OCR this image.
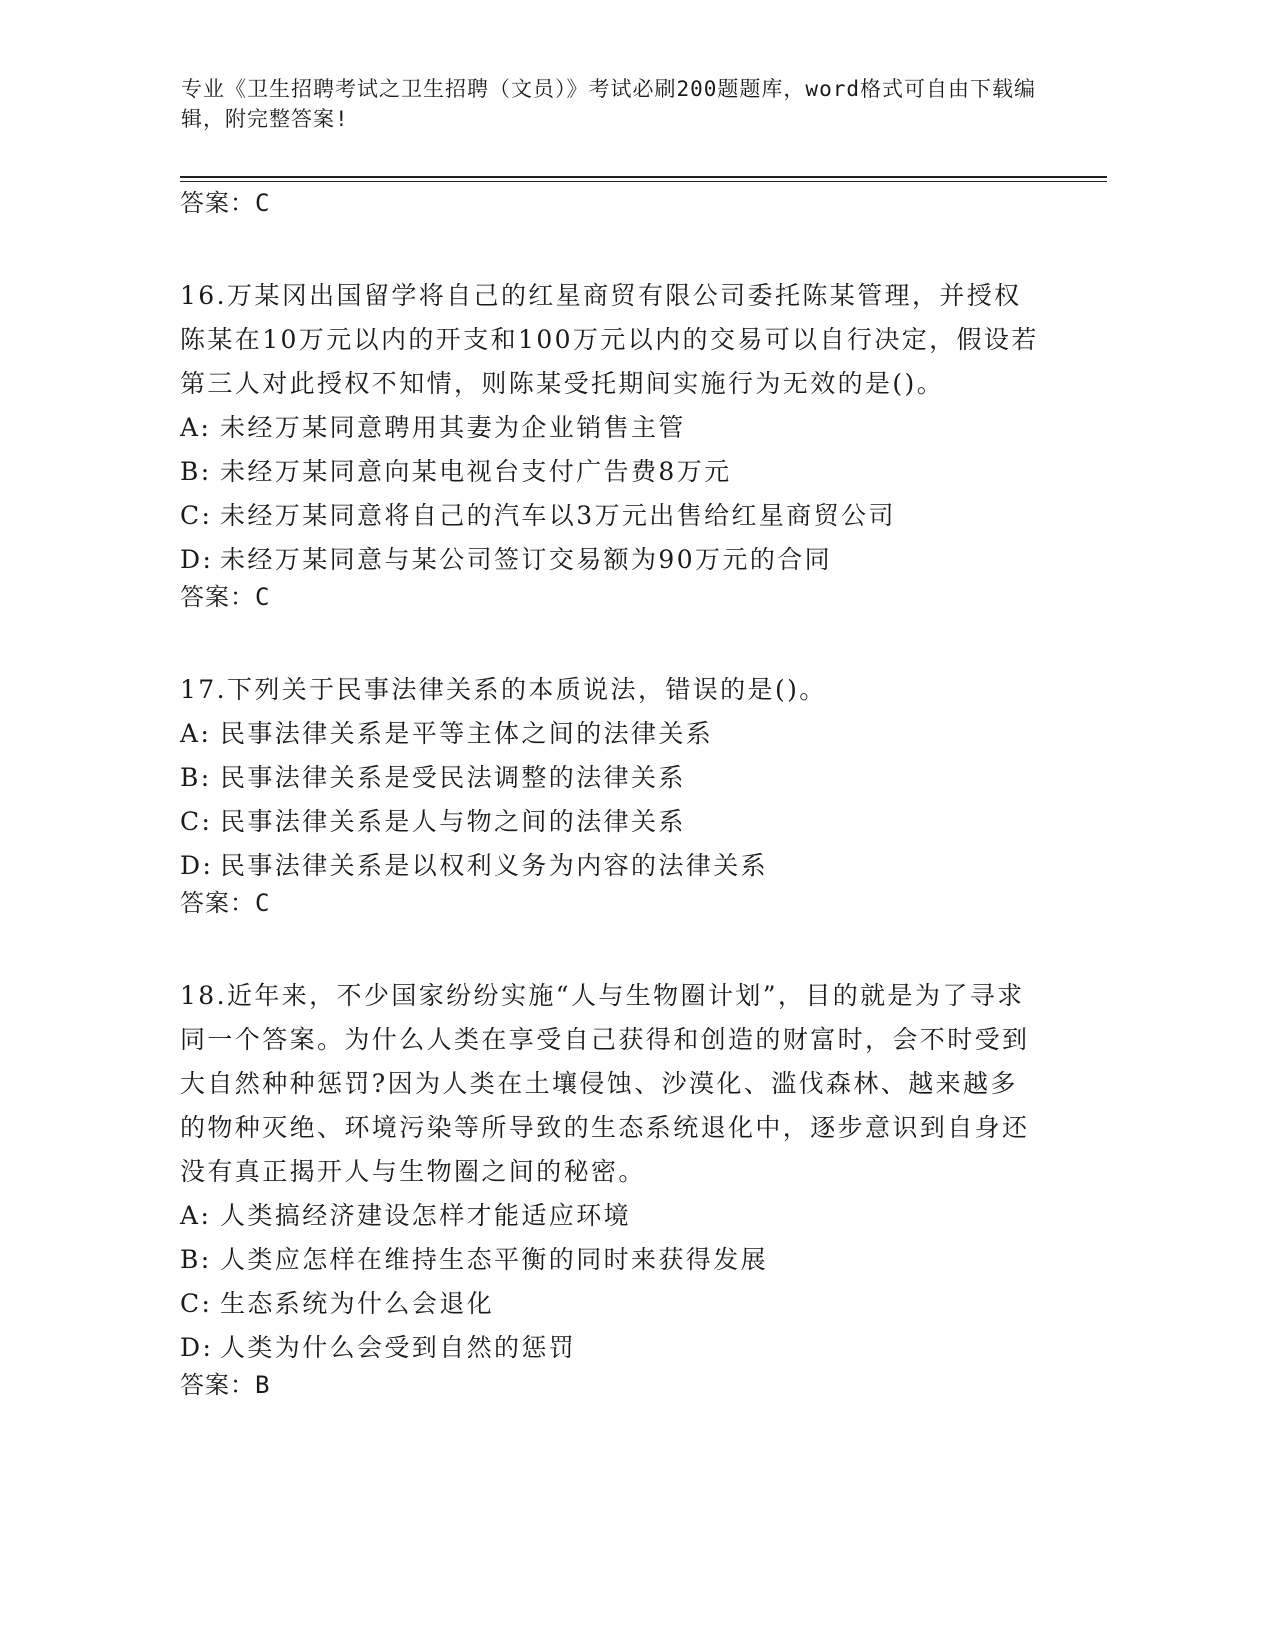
专业《卫生招聘考试之卫生招聘（文员）》考试必刷200题题库，word格式可自由下载编辑，附完整答案!
答案：C

16.万某冈出国留学将自己的红星商贸有限公司委托陈某管理，并授权陈某在10万元以内的开支和100万元以内的交易可以自行决定，假设若第三人对此授权不知情，则陈某受托期间实施行为无效的是()。

A: 未经万某同意聘用其妻为企业销售主管
B: 未经万某同意向某电视台支付广告费8万元
C: 未经万某同意将自己的汽车以3万元出售给红星商贸公司
D: 未经万某同意与某公司签订交易额为90万元的合同
答案：C

17.下列关于民事法律关系的本质说法，错误的是()。

A: 民事法律关系是平等主体之间的法律关系
B: 民事法律关系是受民法调整的法律关系
C: 民事法律关系是人与物之间的法律关系
D: 民事法律关系是以权利义务为内容的法律关系
答案：C

18.近年来，不少国家纷纷实施“人与生物圈计划”，目的就是为了寻求同一个答案。为什么人类在享受自己获得和创造的财富时，会不时受到大自然种种惩罚?因为人类在土壤侵蚀、沙漠化、滥伐森林、越来越多的物种灭绝、环境污染等所导致的生态系统退化中，逐步意识到自身还没有真正揭开人与生物圈之间的秘密。

A: 人类搞经济建设怎样才能适应环境
B: 人类应怎样在维持生态平衡的同时来获得发展
C: 生态系统为什么会退化
D: 人类为什么会受到自然的惩罚
答案：B
